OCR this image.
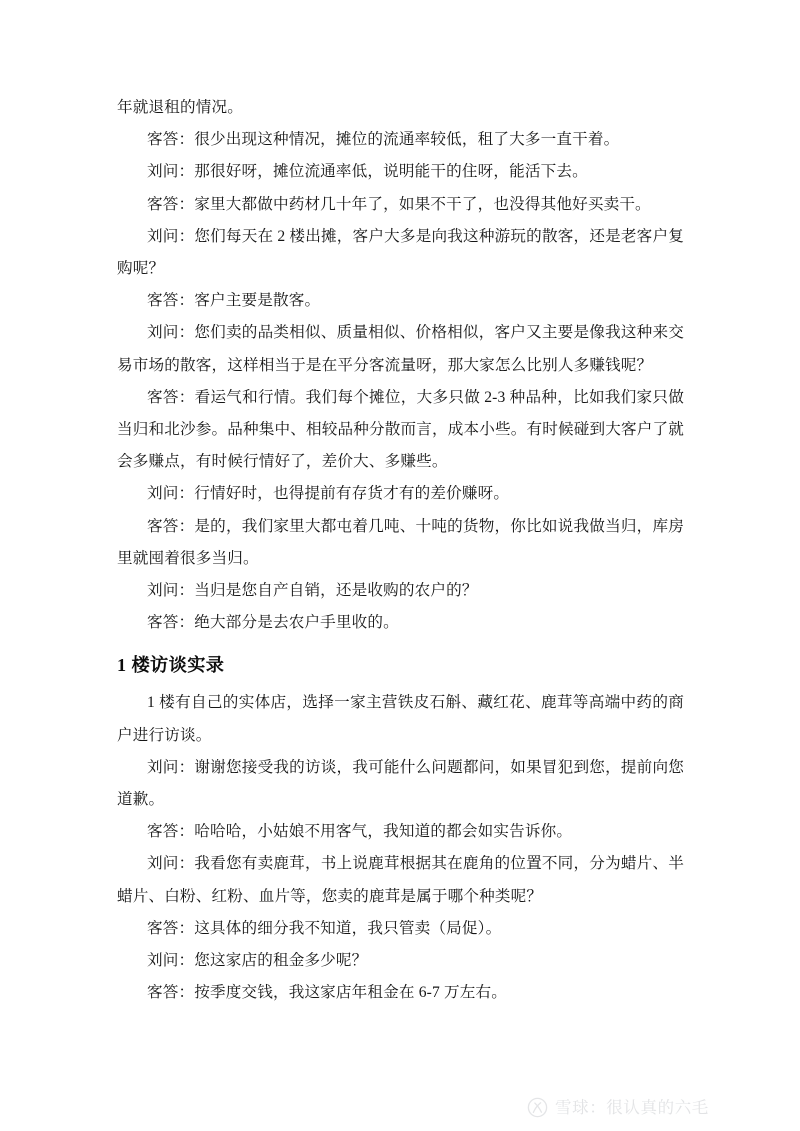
年就退租的情况。

客答：很少出现这种情况，摊位的流通率较低，租了大多一直干着。

刘问：那很好呀，摊位流通率低，说明能干的住呀，能活下去。

客答：家里大都做中药材几十年了，如果不干了，也没得其他好买卖干。

刘问：您们每天在 2 楼出摊，客户大多是向我这种游玩的散客，还是老客户复购呢？

客答：客户主要是散客。

刘问：您们卖的品类相似、质量相似、价格相似，客户又主要是像我这种来交易市场的散客，这样相当于是在平分客流量呀，那大家怎么比别人多赚钱呢？

客答：看运气和行情。我们每个摊位，大多只做 2-3 种品种，比如我们家只做当归和北沙参。品种集中、相较品种分散而言，成本小些。有时候碰到大客户了就会多赚点，有时候行情好了，差价大、多赚些。

刘问：行情好时，也得提前有存货才有的差价赚呀。

客答：是的，我们家里大都屯着几吨、十吨的货物，你比如说我做当归，库房里就囤着很多当归。

刘问：当归是您自产自销，还是收购的农户的？

客答：绝大部分是去农户手里收的。

1 楼访谈实录

1 楼有自己的实体店，选择一家主营铁皮石斛、藏红花、鹿茸等高端中药的商户进行访谈。

刘问：谢谢您接受我的访谈，我可能什么问题都问，如果冒犯到您，提前向您道歉。

客答：哈哈哈，小姑娘不用客气，我知道的都会如实告诉你。

刘问：我看您有卖鹿茸，书上说鹿茸根据其在鹿角的位置不同，分为蜡片、半蜡片、白粉、红粉、血片等，您卖的鹿茸是属于哪个种类呢？

客答：这具体的细分我不知道，我只管卖（局促）。

刘问：您这家店的租金多少呢？

客答：按季度交钱，我这家店年租金在 6-7 万左右。

雪球：很认真的六毛
